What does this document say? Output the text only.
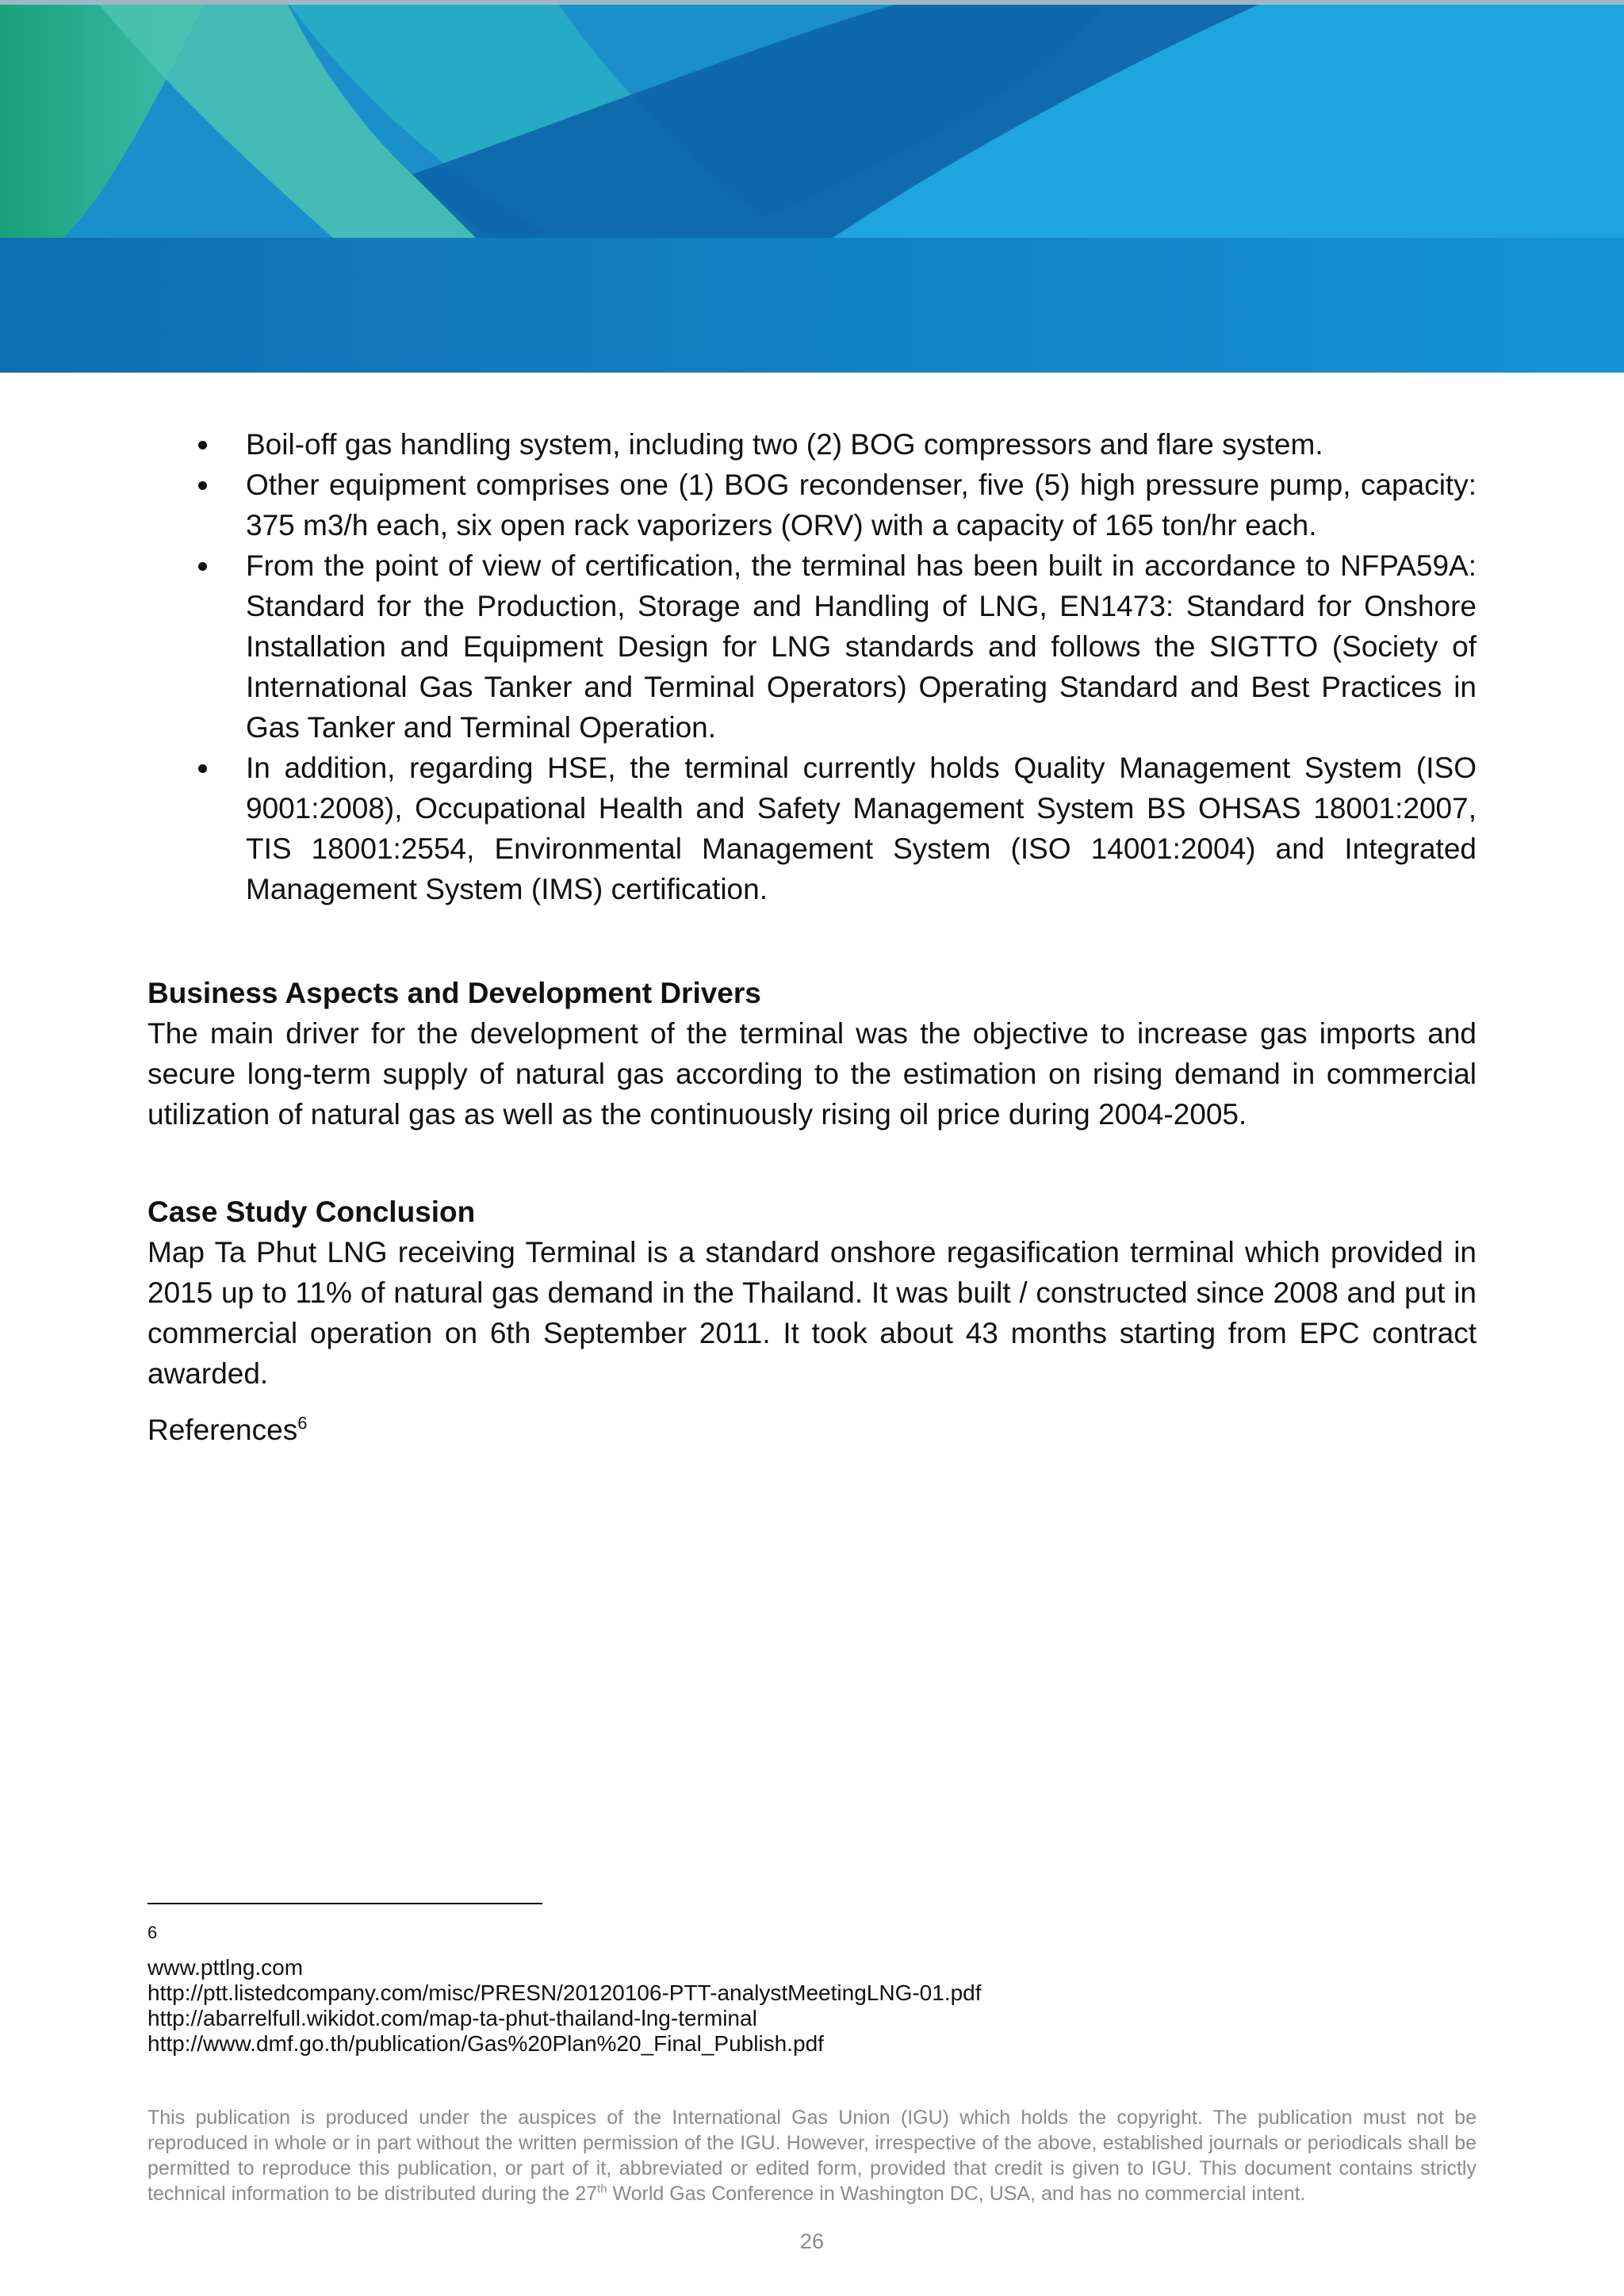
Boil-off gas handling system, including two (2) BOG compressors and flare system.
Other equipment comprises one (1) BOG recondenser, five (5) high pressure pump, capacity: 375 m3/h each, six open rack vaporizers (ORV) with a capacity of 165 ton/hr each.
From the point of view of certification, the terminal has been built in accordance to NFPA59A: Standard for the Production, Storage and Handling of LNG, EN1473: Standard for Onshore Installation and Equipment Design for LNG standards and follows the SIGTTO (Society of International Gas Tanker and Terminal Operators) Operating Standard and Best Practices in Gas Tanker and Terminal Operation.
In addition, regarding HSE, the terminal currently holds Quality Management System (ISO 9001:2008), Occupational Health and Safety Management System BS OHSAS 18001:2007, TIS 18001:2554, Environmental Management System (ISO 14001:2004) and Integrated Management System (IMS) certification.
Business Aspects and Development Drivers

The main driver for the development of the terminal was the objective to increase gas imports and secure long-term supply of natural gas according to the estimation on rising demand in commercial utilization of natural gas as well as the continuously rising oil price during 2004-2005.

Case Study Conclusion

Map Ta Phut LNG receiving Terminal is a standard onshore regasification terminal which provided in 2015 up to 11% of natural gas demand in the Thailand. It was built / constructed since 2008 and put in commercial operation on 6th September 2011. It took about 43 months starting from EPC contract awarded.

References$^6$
6
www.pttlng.com
http://ptt.listedcompany.com/misc/PRESN/20120106-PTT-analystMeetingLNG-01.pdf
http://abarrelfull.wikidot.com/map-ta-phut-thailand-lng-terminal
http://www.dmf.go.th/publication/Gas%20Plan%20_Final_Publish.pdf
This publication is produced under the auspices of the International Gas Union (IGU) which holds the copyright. The publication must not be reproduced in whole or in part without the written permission of the IGU. However, irrespective of the above, established journals or periodicals shall be permitted to reproduce this publication, or part of it, abbreviated or edited form, provided that credit is given to IGU. This document contains strictly technical information to be distributed during the 27th World Gas Conference in Washington DC, USA, and has no commercial intent.
26
